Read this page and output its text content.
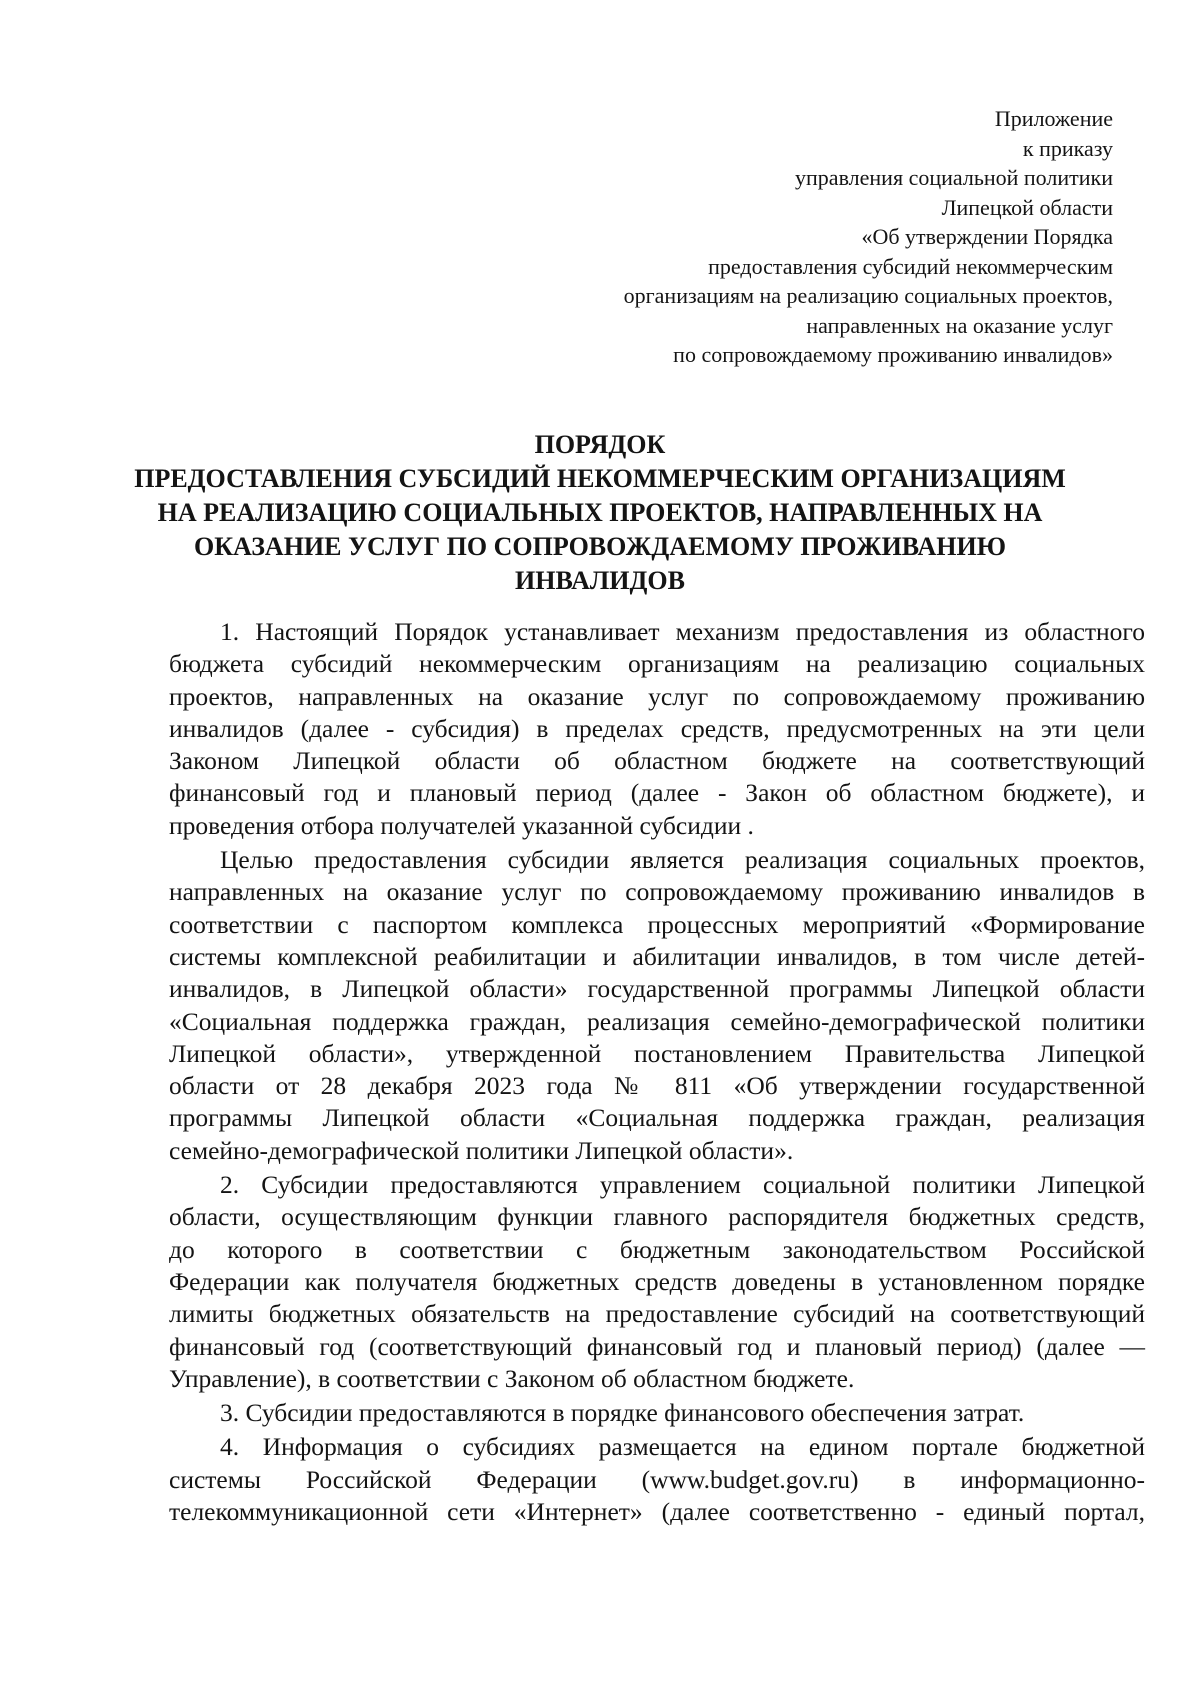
Приложение
к приказу
управления социальной политики
Липецкой области
«Об утверждении Порядка
предоставления субсидий некоммерческим
организациям на реализацию социальных проектов,
направленных на оказание услуг
по сопровождаемому проживанию инвалидов»
ПОРЯДОК
ПРЕДОСТАВЛЕНИЯ СУБСИДИЙ НЕКОММЕРЧЕСКИМ ОРГАНИЗАЦИЯМ
НА РЕАЛИЗАЦИЮ СОЦИАЛЬНЫХ ПРОЕКТОВ, НАПРАВЛЕННЫХ НА
ОКАЗАНИЕ УСЛУГ ПО СОПРОВОЖДАЕМОМУ ПРОЖИВАНИЮ
ИНВАЛИДОВ
1. Настоящий Порядок устанавливает механизм предоставления из областного
бюджета субсидий некоммерческим организациям на реализацию социальных
проектов, направленных на оказание услуг по сопровождаемому проживанию
инвалидов (далее - субсидия) в пределах средств, предусмотренных на эти цели
Законом Липецкой области об областном бюджете на соответствующий
финансовый год и плановый период (далее - Закон об областном бюджете), и
проведения отбора получателей указанной субсидии .
Целью предоставления субсидии является реализация социальных проектов,
направленных на оказание услуг по сопровождаемому проживанию инвалидов в
соответствии с паспортом комплекса процессных мероприятий «Формирование
системы комплексной реабилитации и абилитации инвалидов, в том числе детей-
инвалидов, в Липецкой области» государственной программы Липецкой области
«Социальная поддержка граждан, реализация семейно-демографической политики
Липецкой области», утвержденной постановлением Правительства Липецкой
области от 28 декабря 2023 года № 811 «Об утверждении государственной
программы Липецкой области «Социальная поддержка граждан, реализация
семейно-демографической политики Липецкой области».
2. Субсидии предоставляются управлением социальной политики Липецкой
области, осуществляющим функции главного распорядителя бюджетных средств,
до которого в соответствии с бюджетным законодательством Российской
Федерации как получателя бюджетных средств доведены в установленном порядке
лимиты бюджетных обязательств на предоставление субсидий на соответствующий
финансовый год (соответствующий финансовый год и плановый период) (далее —
Управление), в соответствии с Законом об областном бюджете.
3. Субсидии предоставляются в порядке финансового обеспечения затрат.
4. Информация о субсидиях размещается на едином портале бюджетной
системы Российской Федерации (www.budget.gov.ru) в информационно-
телекоммуникационной сети «Интернет» (далее соответственно - единый портал,
